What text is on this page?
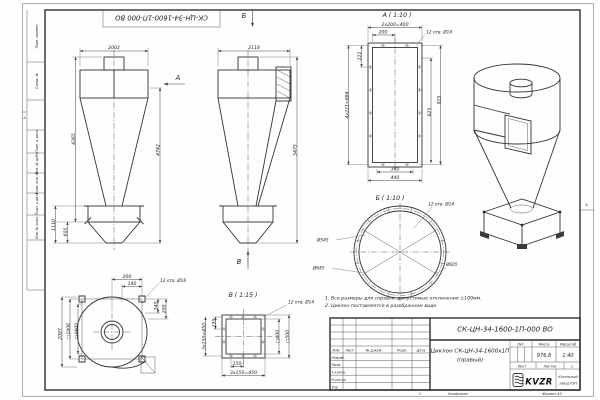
А
А
Перв. примен.
Справ. №
Подп. и дата
Инв. № дубл.
Взам. инв. №
Подп. и дата
Инв. № подл.
СК-ЦН-34-1600-1П-000 ВО
2002
4365
1110
605
4742
А
2118
5475
Б
В
А ( 1:10 )
2x200=400
200
340
440
221
4x221=884	825
925
12 отв. Ø14
Б ( 1:10 )
Ø545
Ø645
Ø605
12 отв. Ø14
В ( 1:15 )
150
3x150=450	□400 □500
150
3x150=450
12 отв. Ø14
2097 □1806 □1600
200
140
140 200
12 отв. Ø18
1. Все размеры для справок, допустимые отклонения ±100мм.
2. Циклон поставляется в разобранном виде.
Изм. Лист	№ докум.	Подп.	Дата
Разраб.
Пров.
Т.контр.
Н.контр.
Утв.
СК-ЦН-34-1600-1П-000 ВО
Циклон СК-ЦН-34-1600х1П
(правый)
Лит.	Масса	Масштаб
976,8 1:40
Лист	Листов	1
KVZR
Котельный
завод РЭП
1	Копировал	Формат А3
